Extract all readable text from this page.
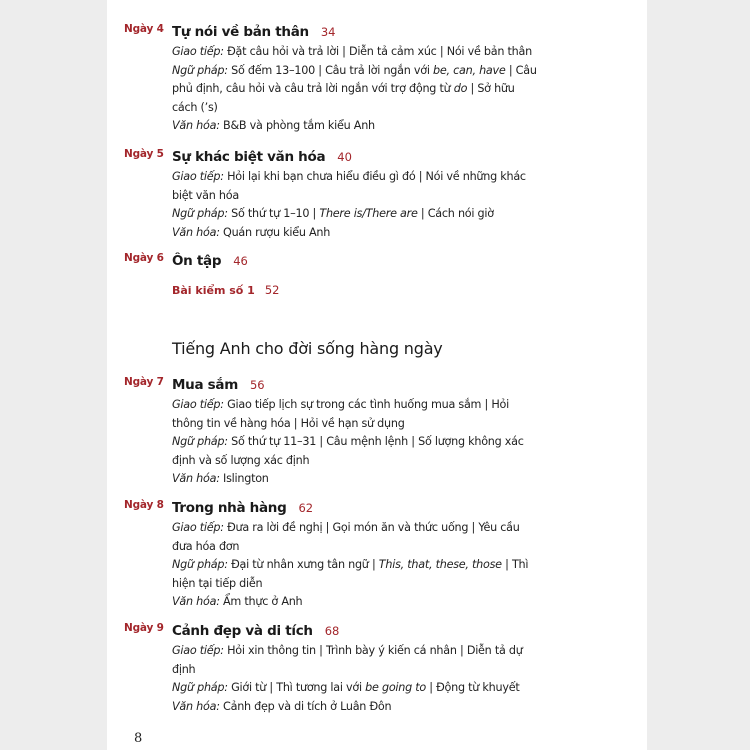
Ngày 4 Tự nói về bản thân 34
Giao tiếp: Đặt câu hỏi và trả lời | Diễn tả cảm xúc | Nói về bản thân
Ngữ pháp: Số đếm 13–100 | Câu trả lời ngắn với be, can, have | Câu
phủ định, câu hỏi và câu trả lời ngắn với trợ động từ do | Sở hữu
cách (’s)
Văn hóa: B&B và phòng tắm kiểu Anh
Ngày 5 Sự khác biệt văn hóa 40
Giao tiếp: Hỏi lại khi bạn chưa hiểu điều gì đó | Nói về những khác
biệt văn hóa
Ngữ pháp: Số thứ tự 1–10 | There is/There are | Cách nói giờ
Văn hóa: Quán rượu kiểu Anh
Ngày 6 Ôn tập 46
Bài kiểm số 1 52
Tiếng Anh cho đời sống hàng ngày
Ngày 7 Mua sắm 56
Giao tiếp: Giao tiếp lịch sự trong các tình huống mua sắm | Hỏi
thông tin về hàng hóa | Hỏi về hạn sử dụng
Ngữ pháp: Số thứ tự 11–31 | Câu mệnh lệnh | Số lượng không xác
định và số lượng xác định
Văn hóa: Islington
Ngày 8 Trong nhà hàng 62
Giao tiếp: Đưa ra lời đề nghị | Gọi món ăn và thức uống | Yêu cầu
đưa hóa đơn
Ngữ pháp: Đại từ nhân xưng tân ngữ | This, that, these, those | Thì
hiện tại tiếp diễn
Văn hóa: Ẩm thực ở Anh
Ngày 9 Cảnh đẹp và di tích 68
Giao tiếp: Hỏi xin thông tin | Trình bày ý kiến cá nhân | Diễn tả dự
định
Ngữ pháp: Giới từ | Thì tương lai với be going to | Động từ khuyết
Văn hóa: Cảnh đẹp và di tích ở Luân Đôn
8
